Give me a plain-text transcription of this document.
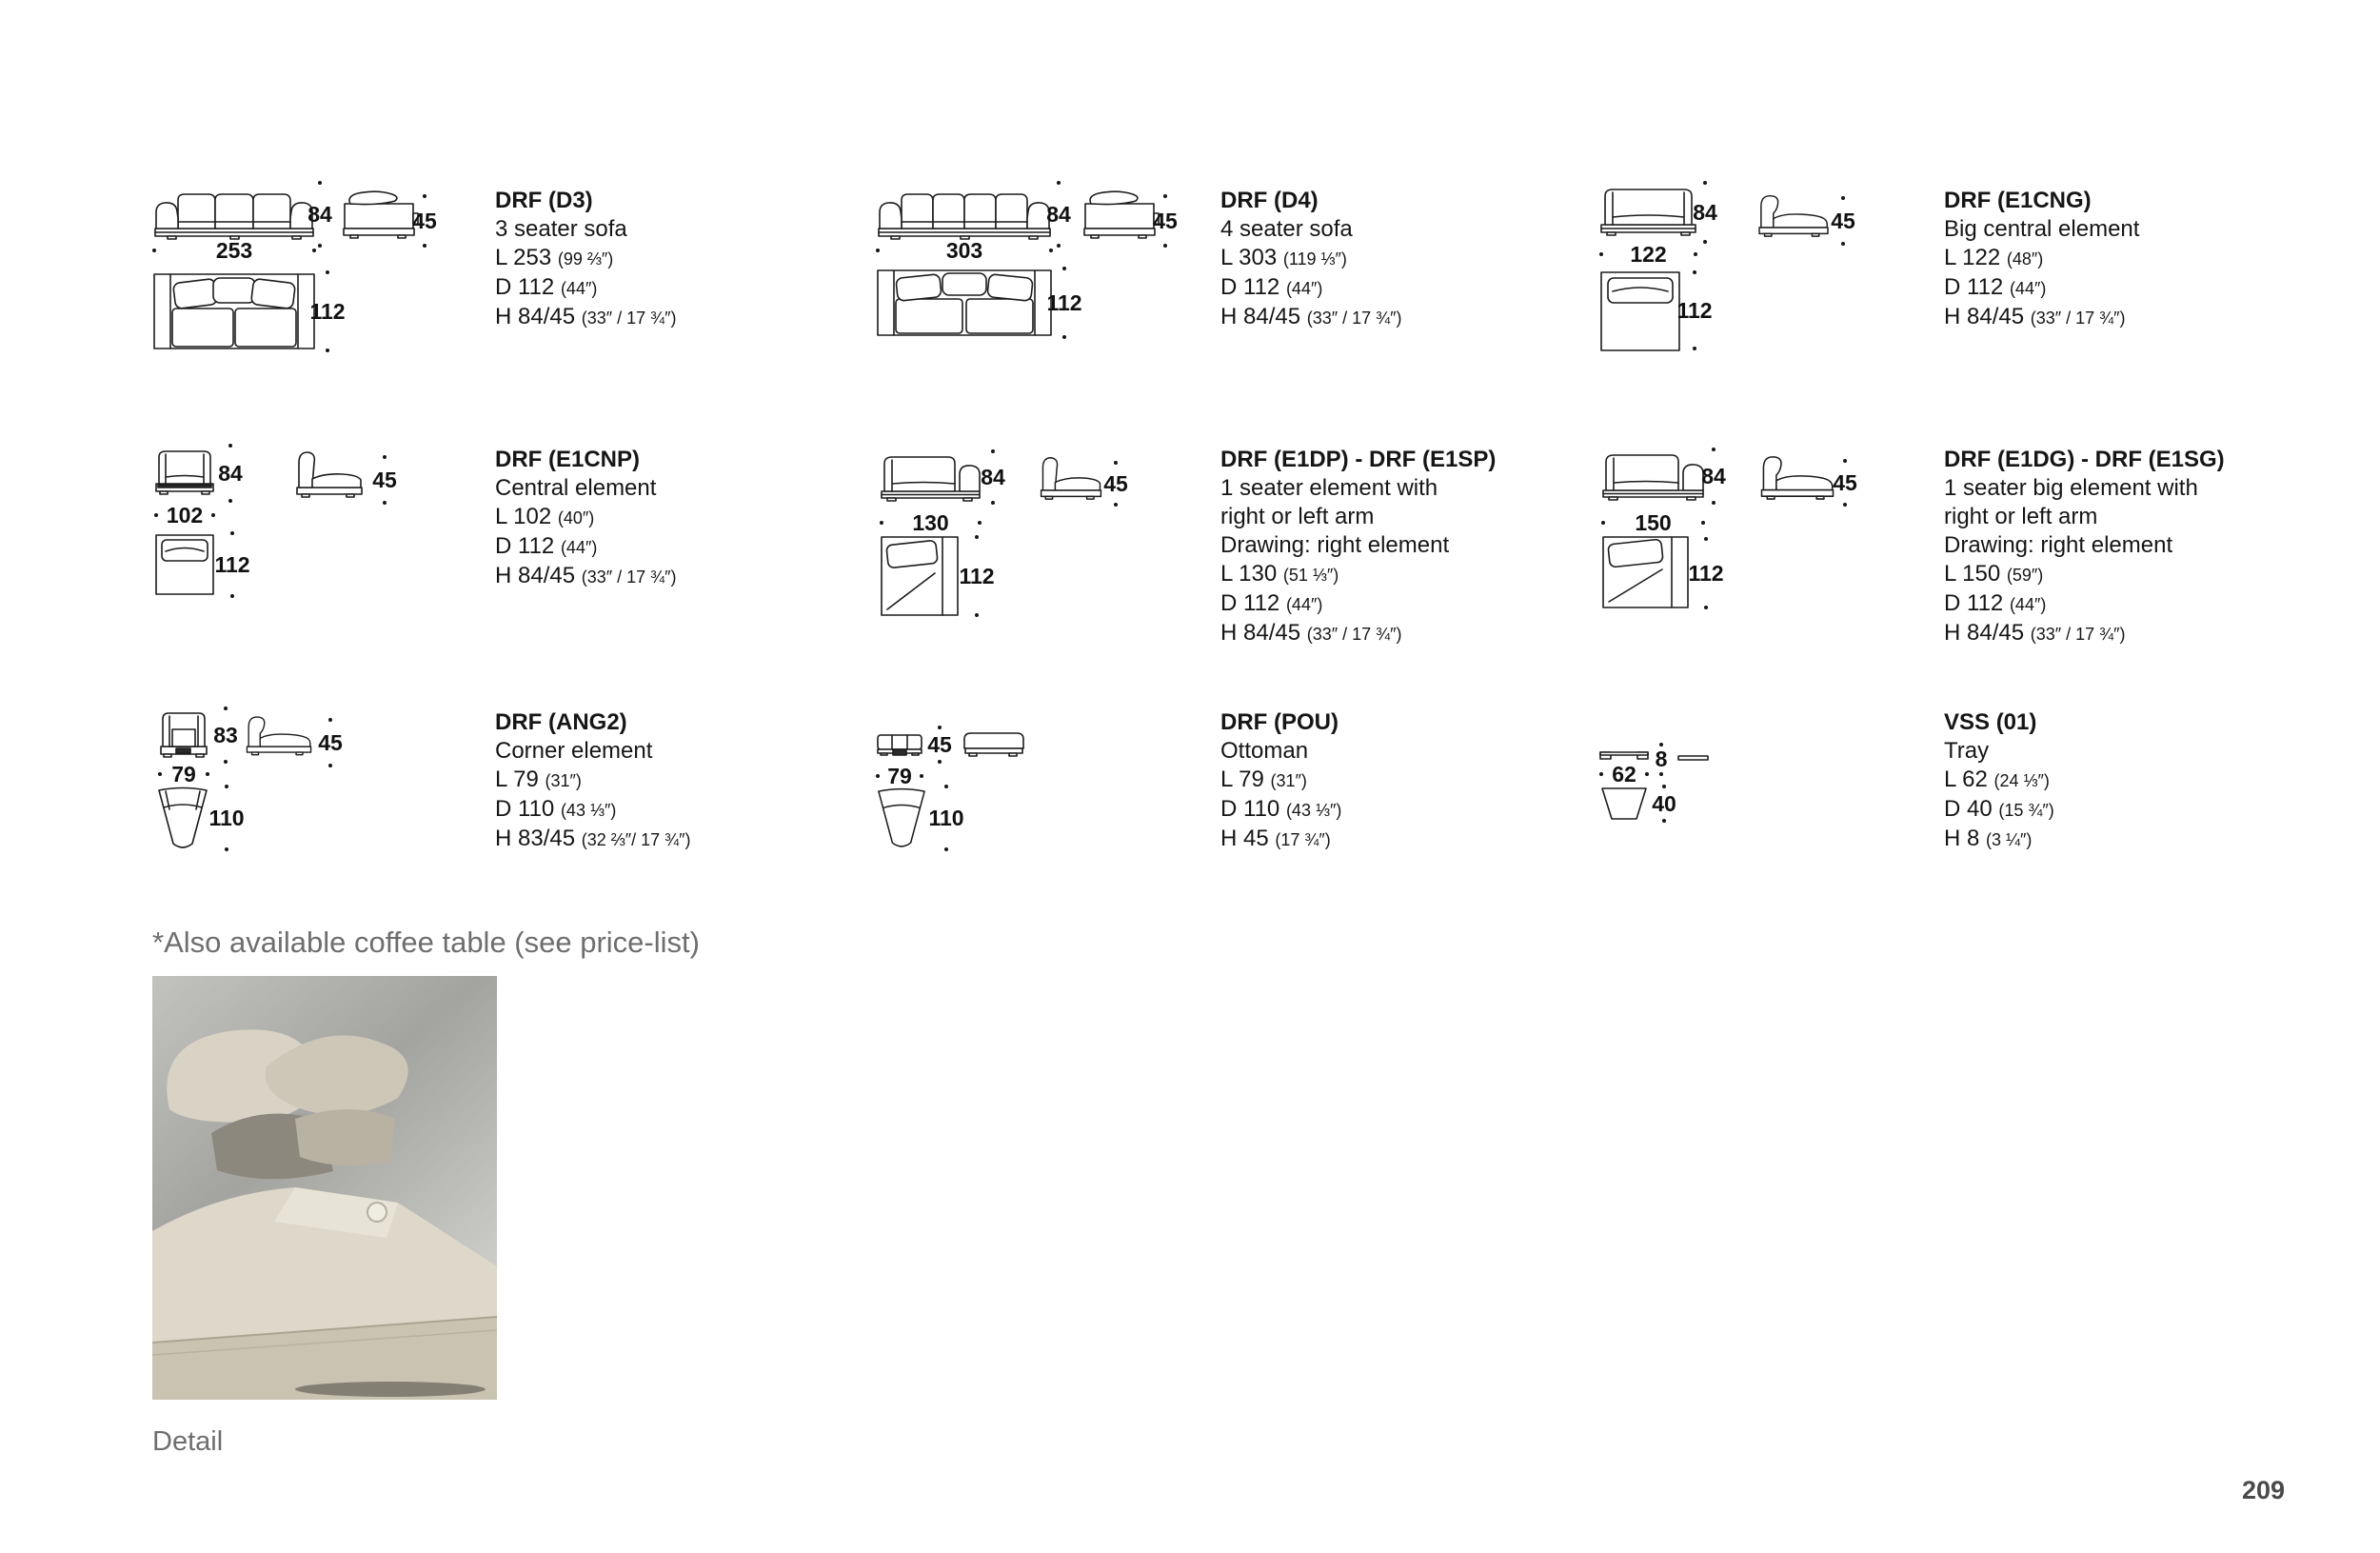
84	45
253
112
DRF (D3)
3 seater sofa
L 253 (99 ⅔″)
D 112 (44″)
H 84/45 (33″ / 17 ¾″)
84	45
303
112
DRF (D4)
4 seater sofa
L 303 (119 ⅓″)
D 112 (44″)
H 84/45 (33″ / 17 ¾″)
84	45
122
112
DRF (E1CNG)
Big central element
L 122 (48″)
D 112 (44″)
H 84/45 (33″ / 17 ¾″)
84	45
102
112
DRF (E1CNP)
Central element
L 102 (40″)
D 112 (44″)
H 84/45 (33″ / 17 ¾″)
84	45
130
112
DRF (E1DP) - DRF (E1SP)
1 seater element with
right or left arm
Drawing: right element
L 130 (51 ⅓″)
D 112 (44″)
H 84/45 (33″ / 17 ¾″)
84	45
150
112
DRF (E1DG) - DRF (E1SG)
1 seater big element with
right or left arm
Drawing: right element
L 150 (59″)
D 112 (44″)
H 84/45 (33″ / 17 ¾″)
83	45
79
110
DRF (ANG2)
Corner element
L 79 (31″)
D 110 (43 ⅓″)
H 83/45 (32 ⅔″/ 17 ¾″)
45
79
110
DRF (POU)
Ottoman
L 79 (31″)
D 110 (43 ⅓″)
H 45 (17 ¾″)
8
62
40
VSS (01)
Tray
L 62 (24 ⅓″)
D 40 (15 ¾″)
H 8 (3 ¼″)
*Also available coffee table (see price-list)
Detail
209
